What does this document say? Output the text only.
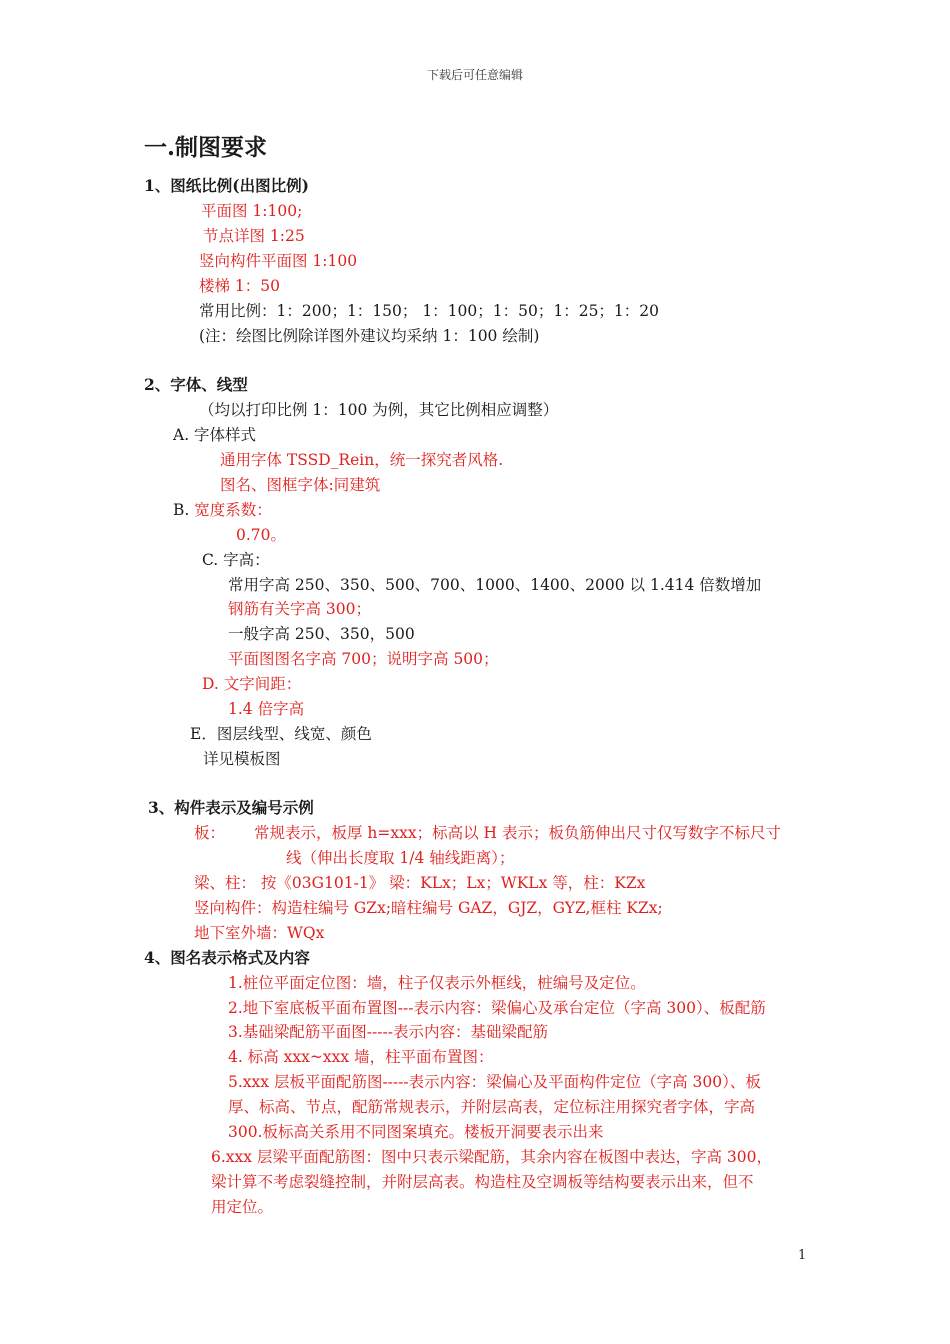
下载后可任意编辑
一.制图要求
1、图纸比例(出图比例)
平面图 1:100;
节点详图 1:25
竖向构件平面图 1:100
楼梯 1：50
常用比例：1：200；1：150； 1：100；1：50；1：25；1：20
(注：绘图比例除详图外建议均采纳 1：100 绘制)
2、字体、线型
（均以打印比例 1：100 为例，其它比例相应调整）
A. 字体样式
通用字体 TSSD_Rein，统一探究者风格.
图名、图框字体:同建筑
B. 宽度系数：
0.70。
C. 字高：
常用字高 250、350、500、700、1000、1400、2000 以 1.414 倍数增加
钢筋有关字高 300；
一般字高 250、350，500
平面图图名字高 700；说明字高 500；
D. 文字间距：
1.4 倍字高
E．图层线型、线宽、颜色
详见模板图
3、构件表示及编号示例
板： 常规表示，板厚 h=xxx；标高以 H 表示；板负筋伸出尺寸仅写数字不标尺寸
线（伸出长度取 1/4 轴线距离）；
梁、柱： 按《03G101-1》 梁：KLx；Lx；WKLx 等，柱：KZx
竖向构件：构造柱编号 GZx;暗柱编号 GAZ，GJZ，GYZ,框柱 KZx;
地下室外墙：WQx
4、图名表示格式及内容
1.桩位平面定位图：墙，柱子仅表示外框线，桩编号及定位。
2.地下室底板平面布置图---表示内容：梁偏心及承台定位（字高 300）、板配筋
3.基础梁配筋平面图-----表示内容：基础梁配筋
4. 标高 xxx~xxx 墙，柱平面布置图：
5.xxx 层板平面配筋图-----表示内容：梁偏心及平面构件定位（字高 300）、板
厚、标高、节点，配筋常规表示，并附层高表，定位标注用探究者字体，字高
300.板标高关系用不同图案填充。楼板开洞要表示出来
6.xxx 层梁平面配筋图：图中只表示梁配筋，其余内容在板图中表达，字高 300，
梁计算不考虑裂缝控制，并附层高表。构造柱及空调板等结构要表示出来，但不
用定位。
1
